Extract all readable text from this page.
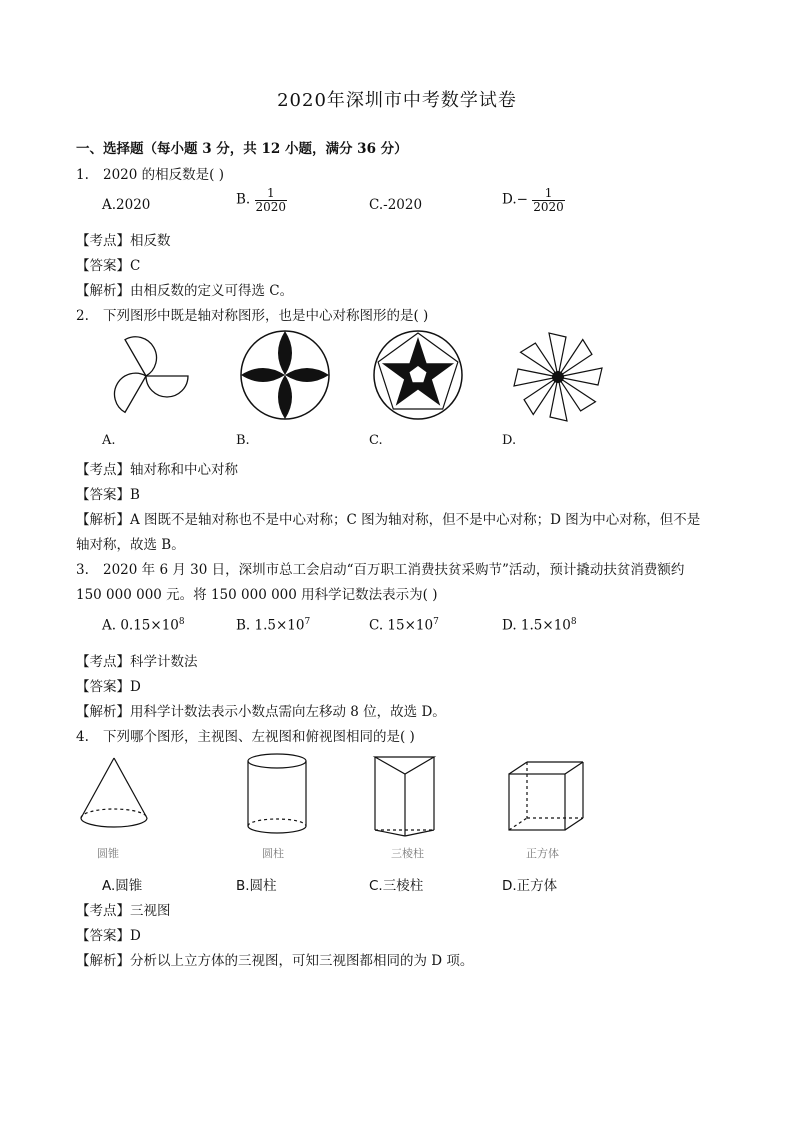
2020年深圳市中考数学试卷
一、选择题（每小题 3 分，共 12 小题，满分 36 分）
1. 2020 的相反数是( )
A.2020	B. $\frac{1}{2020}$	C.-2020	$D.- \frac{1}{2020}$
【考点】相反数
【答案】C
【解析】由相反数的定义可得选 C。
2. 下列图形中既是轴对称图形，也是中心对称图形的是( )
A.	B.	C.	D.
【考点】轴对称和中心对称
【答案】B
【解析】A 图既不是轴对称也不是中心对称；C 图为轴对称，但不是中心对称；D 图为中心对称，但不是
轴对称，故选 B。
3. 2020 年 6 月 30 日，深圳市总工会启动“百万职工消费扶贫采购节”活动，预计撬动扶贫消费额约
150 000 000 元。将 150 000 000 用科学记数法表示为( )
A. $0.15\times 10^8$	B. $1.5\times 10^7$	C. $15\times 10^7$	D. $1.5\times 10^8$
【考点】科学计数法
【答案】D
【解析】用科学计数法表示小数点需向左移动 8 位，故选 D。
4. 下列哪个图形，主视图、左视图和俯视图相同的是( )
圆锥	圆柱	三棱柱	正方体
A.圆锥	B.圆柱	C.三棱柱	D.正方体
【考点】三视图
【答案】D
【解析】分析以上立方体的三视图，可知三视图都相同的为 D 项。
